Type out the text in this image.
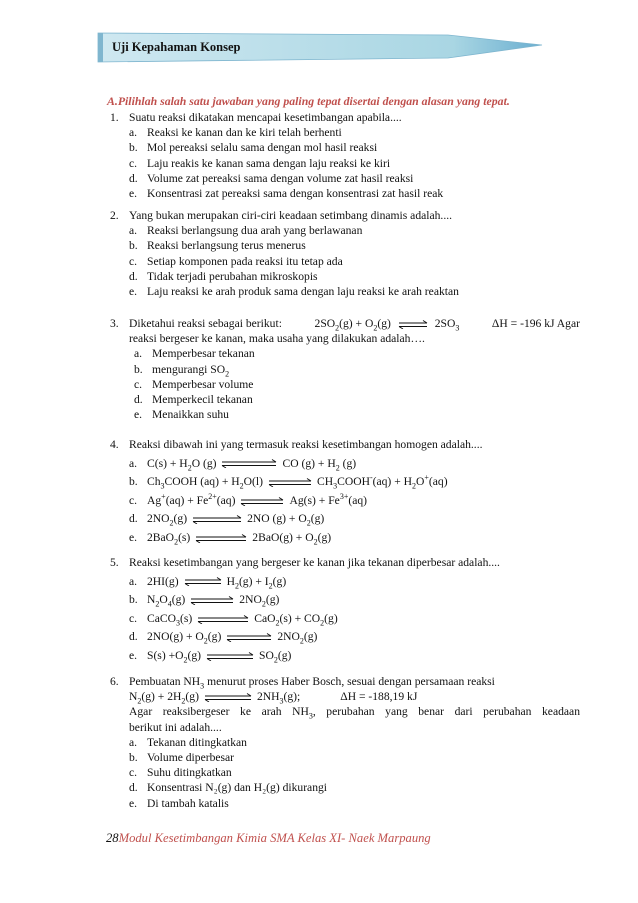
Uji Kepahaman Konsep
A.Pilihlah salah satu jawaban yang paling tepat disertai dengan alasan yang tepat.
1. Suatu reaksi dikatakan mencapai kesetimbangan apabila....
a. Reaksi ke kanan dan ke kiri telah berhenti
b. Mol pereaksi selalu sama dengan mol hasil reaksi
c. Laju reakis ke kanan sama dengan laju reaksi ke kiri
d. Volume zat pereaksi sama dengan volume zat hasil reaksi
e. Konsentrasi zat pereaksi sama dengan konsentrasi zat hasil reak
2. Yang bukan merupakan ciri-ciri keadaan setimbang dinamis adalah....
a. Reaksi berlangsung dua arah yang berlawanan
b. Reaksi berlangsung terus menerus
c. Setiap komponen pada reaksi itu tetap ada
d. Tidak terjadi perubahan mikroskopis
e. Laju reaksi ke arah produk sama dengan laju reaksi ke arah reaktan
3. Diketahui reaksi sebagai berikut:	$2SO_2(g) + O_2(g)$ ⇌ $2SO_3$	ΔH = -196 kJ Agar
reaksi bergeser ke kanan, maka usaha yang dilakukan adalah….
a. Memperbesar tekanan
b. mengurangi $SO_2$
c. Memperbesar volume
d. Memperkecil tekanan
e. Menaikkan suhu
4. Reaksi dibawah ini yang termasuk reaksi kesetimbangan homogen adalah....
a. $C(s) + H_2O$ (g)	CO $(g) + H_2$ (g)
b. $Ch_3COOH$ $(aq) + H_2O(l)$ ⇌ $CH_3COOH^-(aq) + H_2O^+(aq)$
c. $Ag^+(aq) + Fe^{2+}(aq)$ ⇌ $Ag(s) + Fe^{3+}(aq)$
d. $2NO_2(g)$	2NO $(g) + O_2(g)$
e. 2BaO$_2$(s)	$2BaO(g) + O_2(g)$
5. Reaksi kesetimbangan yang bergeser ke kanan jika tekanan diperbesar adalah....
a. 2HI(g) ⇌ $H_2(g) + I_2(g)$
b. $N_2O_4(g)$ ⇌ $2NO_2(g)$
c. CaCO$_3$(s)	$CaO_2(s) + CO_2(g)$
d. $2NO(g) + O_2(g)$	$2NO_2(g)$
e. $S(s) +O_2(g)$	$SO_2(g)$
6. Pembuatan $NH_3$ menurut proses Haber Bosch, sesuai dengan persamaan reaksi
$N_2(g) + 2H_2(g)$	$2NH_3(g)$;	ΔH = -188,19 kJ
Agar reaksibergeser ke arah $NH_3$, perubahan yang benar dari perubahan keadaan
berikut ini adalah....
a. Tekanan ditingkatkan
b. Volume diperbesar
c. Suhu ditingkatkan
d. Konsentrasi N₂(g) dan H₂(g) dikurangi
e. Di tambah katalis
28Modul Kesetimbangan Kimia SMA Kelas XI- Naek Marpaung
